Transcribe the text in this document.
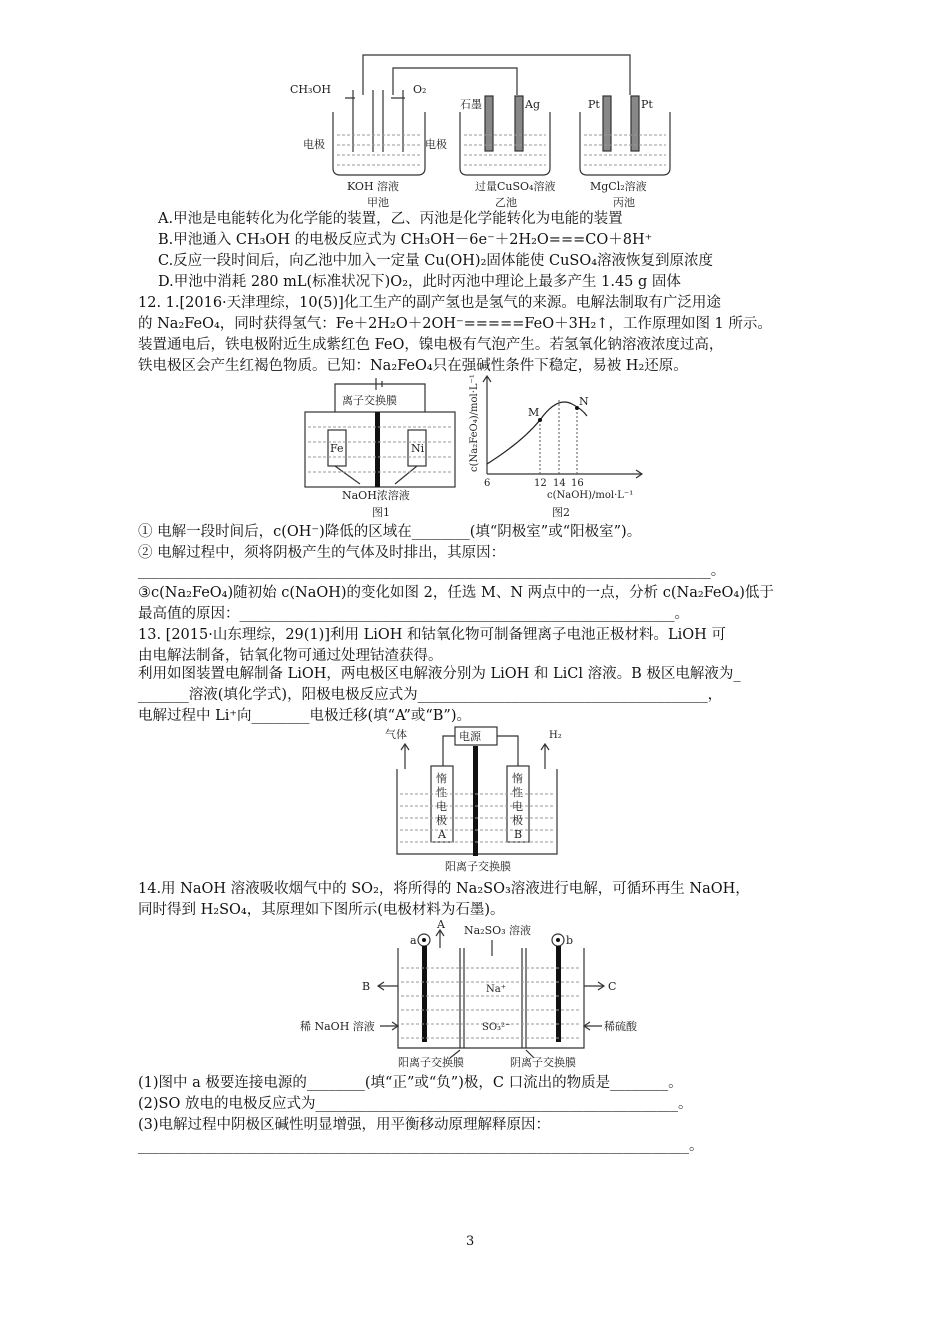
CH₃OH	O₂
石墨	Ag	Pt	Pt
电极	电极
KOH 溶液	过量CuSO₄溶液	MgCl₂溶液
甲池	乙池	丙池
A.甲池是电能转化为化学能的装置，乙、丙池是化学能转化为电能的装置
B.甲池通入 CH₃OH 的电极反应式为 CH₃OH－6e⁻＋2H₂O===CO＋8H⁺
C.反应一段时间后，向乙池中加入一定量 Cu(OH)₂固体能使 CuSO₄溶液恢复到原浓度
D.甲池中消耗 280 mL(标准状况下)O₂，此时丙池中理论上最多产生 1.45 g 固体
12. 1.[2016·天津理综，10(5)]化工生产的副产氢也是氢气的来源。电解法制取有广泛用途
的 Na₂FeO₄，同时获得氢气：Fe＋2H₂O＋2OH⁻=====FeO＋3H₂↑，工作原理如图 1 所示。
装置通电后，铁电极附近生成紫红色 FeO，镍电极有气泡产生。若氢氧化钠溶液浓度过高，
铁电极区会产生红褐色物质。已知：Na₂FeO₄只在强碱性条件下稳定，易被 H₂还原。
离子交换膜
Fe	Ni
NaOH浓溶液
图1
M
N
6	12 14 16
c(NaOH)/mol·L⁻¹
c(Na₂FeO₄)/mol·L⁻¹
图2
① 电解一段时间后，c(OH⁻)降低的区域在________(填“阴极室”或“阳极室”)。
② 电解过程中，须将阴极产生的气体及时排出，其原因：
_______________________________________________________________________________。
③c(Na₂FeO₄)随初始 c(NaOH)的变化如图 2，任选 M、N 两点中的一点，分析 c(Na₂FeO₄)低于
最高值的原因：____________________________________________________________。
13. [2015·山东理综，29(1)]利用 LiOH 和钴氧化物可制备锂离子电池正极材料。LiOH 可
由电解法制备，钴氧化物可通过处理钴渣获得。
利用如图装置电解制备 LiOH，两电极区电解液分别为 LiOH 和 LiCl 溶液。B 极区电解液为_
_______溶液(填化学式)，阳极电极反应式为________________________________________，
电解过程中 Li⁺向________电极迁移(填“A”或“B”)。
电源
气体	H₂
惰
性
电
极
A
惰
性
电
极
B
阳离子交换膜
14.用 NaOH 溶液吸收烟气中的 SO₂，将所得的 Na₂SO₃溶液进行电解，可循环再生 NaOH，
同时得到 H₂SO₄，其原理如下图所示(电极材料为石墨)。
a	b
A
B	C
Na₂SO₃ 溶液
Na⁺
SO₃²⁻
稀 NaOH 溶液	稀硫酸
阳离子交换膜	阴离子交换膜
(1)图中 a 极要连接电源的________(填“正”或“负”)极，C 口流出的物质是________。
(2)SO 放电的电极反应式为__________________________________________________。
(3)电解过程中阴极区碱性明显增强，用平衡移动原理解释原因：
____________________________________________________________________________。
3
